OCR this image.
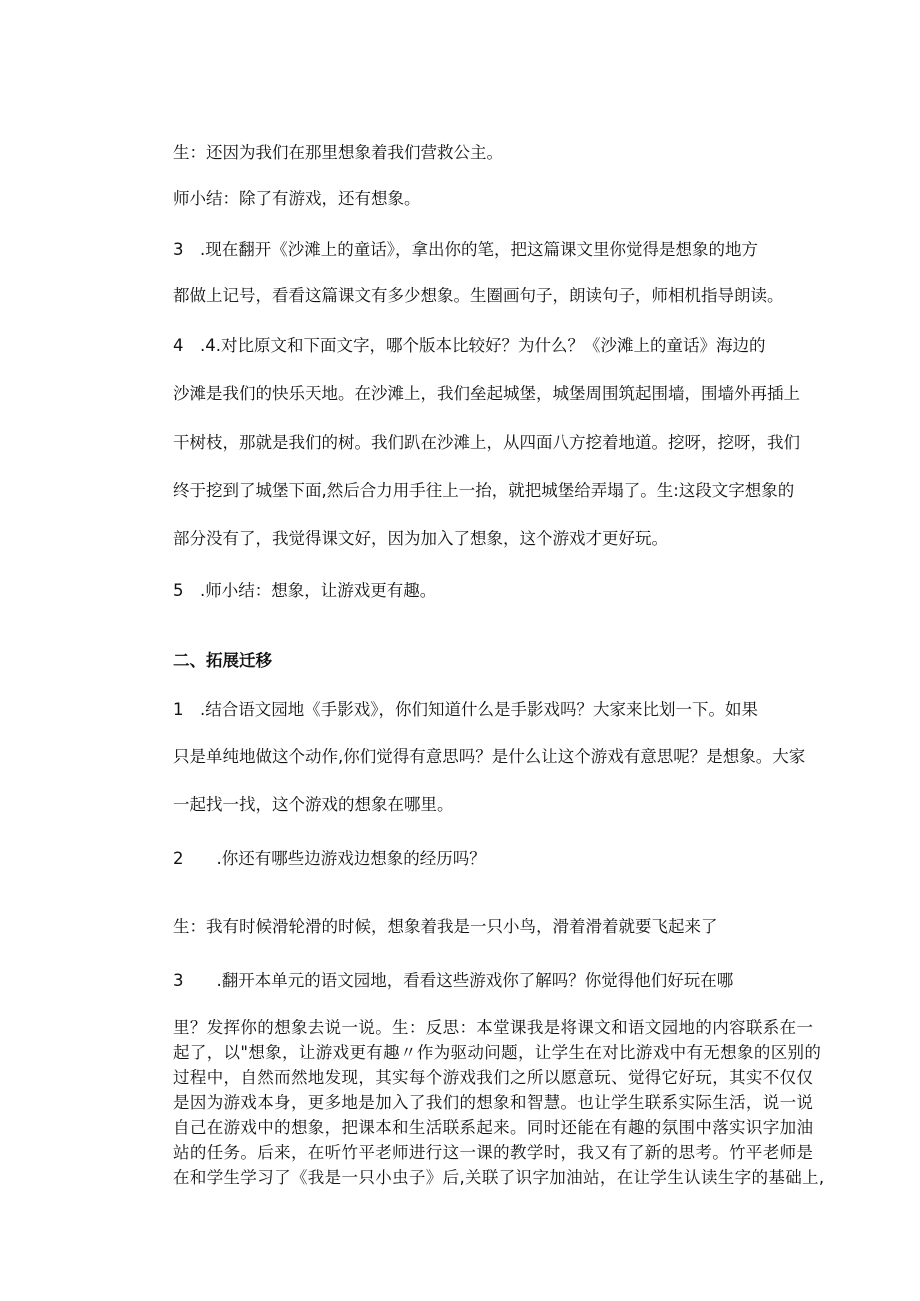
生：还因为我们在那里想象着我们营救公主。
师小结：除了有游戏，还有想象。
3 .现在翻开《沙滩上的童话》，拿出你的笔，把这篇课文里你觉得是想象的地方
都做上记号，看看这篇课文有多少想象。生圈画句子，朗读句子，师相机指导朗读。
4 .4.对比原文和下面文字，哪个版本比较好？为什么？《沙滩上的童话》海边的
沙滩是我们的快乐天地。在沙滩上，我们垒起城堡，城堡周围筑起围墙，围墙外再插上
干树枝，那就是我们的树。我们趴在沙滩上，从四面八方挖着地道。挖呀，挖呀，我们
终于挖到了城堡下面,然后合力用手往上一抬，就把城堡给弄塌了。生:这段文字想象的
部分没有了，我觉得课文好，因为加入了想象，这个游戏才更好玩。
5 .师小结：想象，让游戏更有趣。
二、拓展迁移
1 .结合语文园地《手影戏》，你们知道什么是手影戏吗？大家来比划一下。如果
只是单纯地做这个动作,你们觉得有意思吗？是什么让这个游戏有意思呢？是想象。大家
一起找一找，这个游戏的想象在哪里。
2  .你还有哪些边游戏边想象的经历吗？
生：我有时候滑轮滑的时候，想象着我是一只小鸟，滑着滑着就要飞起来了
3  .翻开本单元的语文园地，看看这些游戏你了解吗？你觉得他们好玩在哪
里？发挥你的想象去说一说。生：反思：本堂课我是将课文和语文园地的内容联系在一
起了，以"想象，让游戏更有趣〃作为驱动问题，让学生在对比游戏中有无想象的区别的
过程中，自然而然地发现，其实每个游戏我们之所以愿意玩、觉得它好玩，其实不仅仅
是因为游戏本身，更多地是加入了我们的想象和智慧。也让学生联系实际生活，说一说
自己在游戏中的想象，把课本和生活联系起来。同时还能在有趣的氛围中落实识字加油
站的任务。后来，在听竹平老师进行这一课的教学时，我又有了新的思考。竹平老师是
在和学生学习了《我是一只小虫子》后,关联了识字加油站，在让学生认读生字的基础上,
